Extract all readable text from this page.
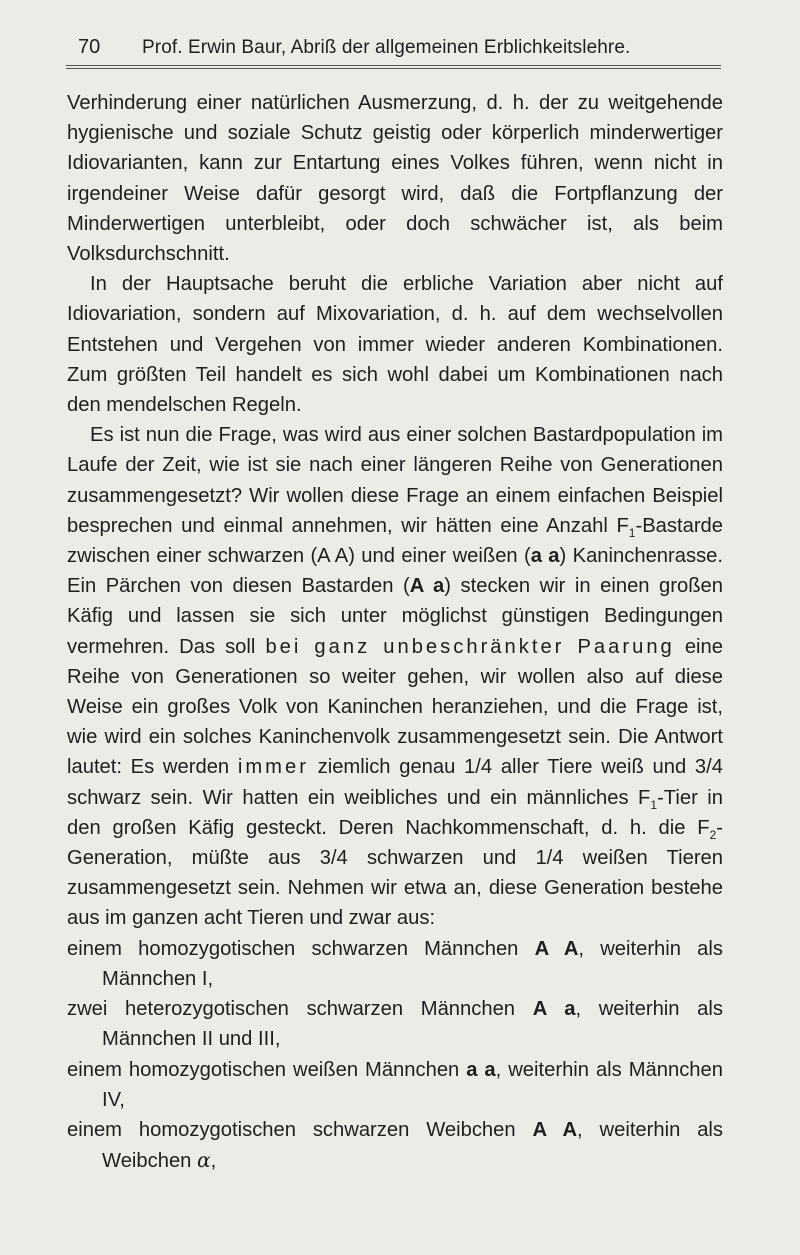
70 Prof. Erwin Baur, Abriß der allgemeinen Erblichkeitslehre.

Verhinderung einer natürlichen Ausmerzung, d. h. der zu weitgehende hygienische und soziale Schutz geistig oder körperlich minderwertiger Idiovarianten, kann zur Entartung eines Volkes führen, wenn nicht in irgendeiner Weise dafür gesorgt wird, daß die Fortpflanzung der Minderwertigen unterbleibt, oder doch schwächer ist, als beim Volksdurchschnitt.

In der Hauptsache beruht die erbliche Variation aber nicht auf Idiovariation, sondern auf Mixovariation, d. h. auf dem wechselvollen Entstehen und Vergehen von immer wieder anderen Kombinationen. Zum größten Teil handelt es sich wohl dabei um Kombinationen nach den mendelschen Regeln.

Es ist nun die Frage, was wird aus einer solchen Bastardpopulation im Laufe der Zeit, wie ist sie nach einer längeren Reihe von Generationen zusammengesetzt? Wir wollen diese Frage an einem einfachen Beispiel besprechen und einmal annehmen, wir hätten eine Anzahl $F_1$-Bastarde zwischen einer schwarzen (A A) und einer weißen (a a) Kaninchenrasse. Ein Pärchen von diesen Bastarden (A a) stecken wir in einen großen Käfig und lassen sie sich unter möglichst günstigen Bedingungen vermehren. Das soll bei ganz unbeschränkter Paarung eine Reihe von Generationen so weiter gehen, wir wollen also auf diese Weise ein großes Volk von Kaninchen heranziehen, und die Frage ist, wie wird ein solches Kaninchenvolk zusammengesetzt sein. Die Antwort lautet: Es werden immer ziemlich genau 1/4 aller Tiere weiß und 3/4 schwarz sein. Wir hatten ein weibliches und ein männliches $F_1$-Tier in den großen Käfig gesteckt. Deren Nachkommenschaft, d. h. die $F_2$-Generation, müßte aus 3/4 schwarzen und 1/4 weißen Tieren zusammengesetzt sein. Nehmen wir etwa an, diese Generation bestehe aus im ganzen acht Tieren und zwar aus:

einem homozygotischen schwarzen Männchen A A, weiterhin als Männchen I,

zwei heterozygotischen schwarzen Männchen A a, weiterhin als Männchen II und III,

einem homozygotischen weißen Männchen a a, weiterhin als Männchen IV,

einem homozygotischen schwarzen Weibchen A A, weiterhin als Weibchen α,
